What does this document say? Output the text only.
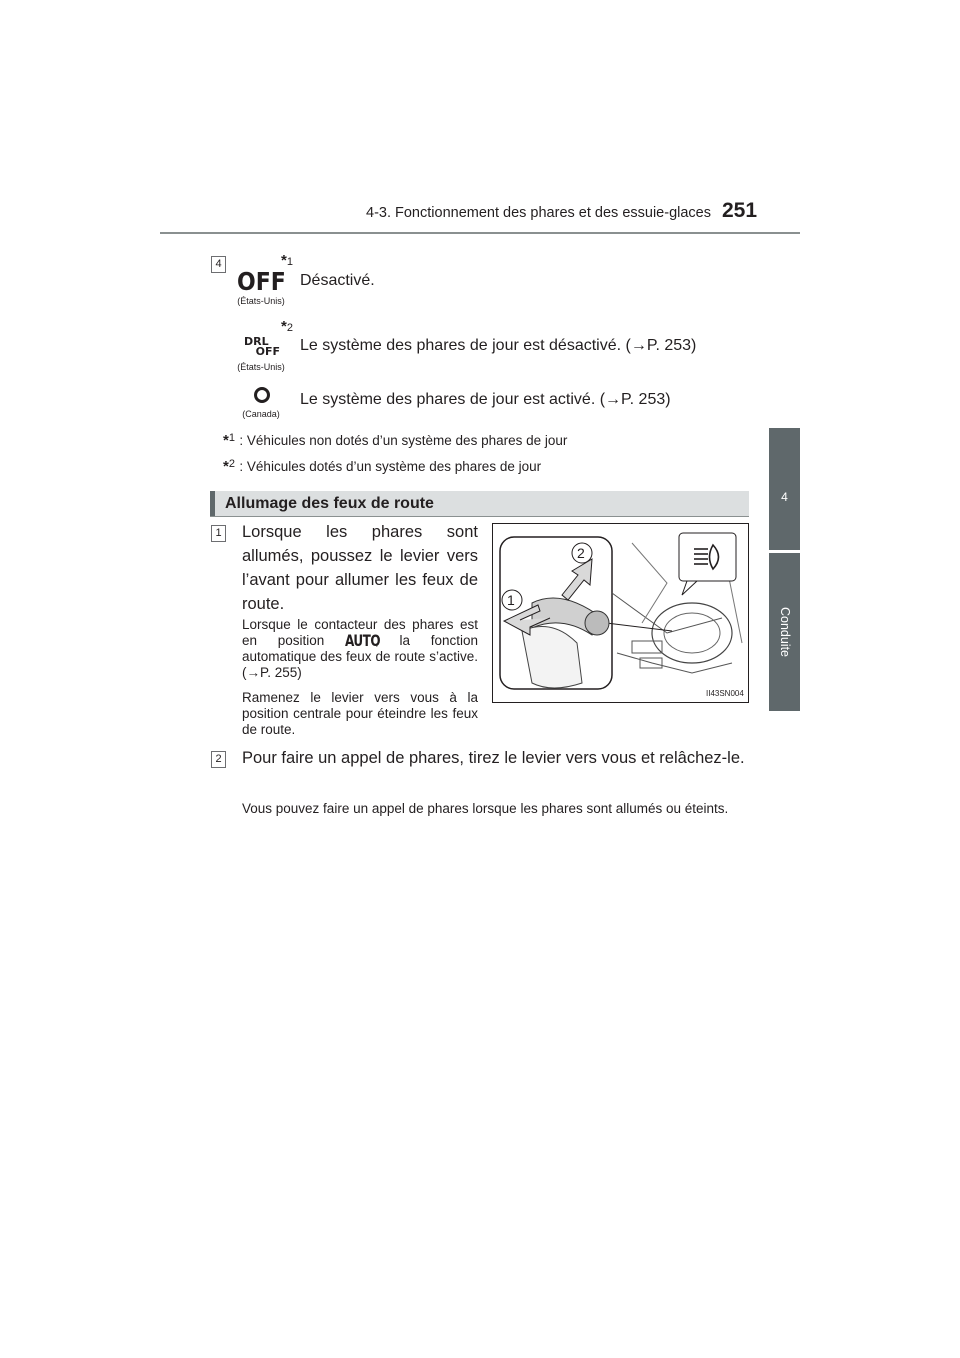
4-3. Fonctionnement des phares et des essuie-glaces 251
4
Conduite
4	*1
OFF
(États-Unis)
Désactivé.
*2
DRL
OFF
(États-Unis)
Le système des phares de jour est désactivé. (→P. 253)
(Canada)
Le système des phares de jour est activé. (→P. 253)
*$^1$ : Véhicules non dotés d’un système des phares de jour
*$^2$ : Véhicules dotés d’un système des phares de jour
Allumage des feux de route
1 Lorsque les phares sont allumés, poussez le levier vers l’avant pour allumer les feux de route.
Lorsque le contacteur des phares est en position AUTO, la fonction automatique des feux de route s’active. (→P. 255)
Ramenez le levier vers vous à la position centrale pour éteindre les feux de route.
2
1
II43SN004
2 Pour faire un appel de phares, tirez le levier vers vous et relâchez-le.
Vous pouvez faire un appel de phares lorsque les phares sont allumés ou éteints.
